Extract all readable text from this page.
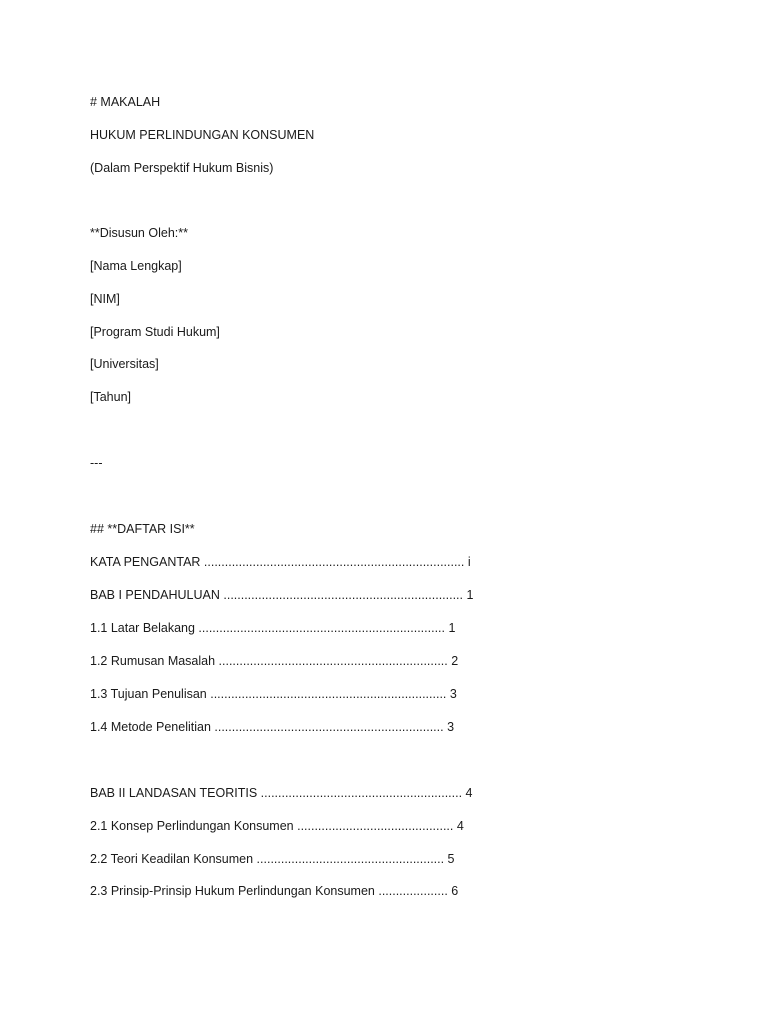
# MAKALAH
HUKUM PERLINDUNGAN KONSUMEN
(Dalam Perspektif Hukum Bisnis)
**Disusun Oleh:**
[Nama Lengkap]
[NIM]
[Program Studi Hukum]
[Universitas]
[Tahun]
---
## **DAFTAR ISI**
KATA PENGANTAR ........................................................................... i
BAB I PENDAHULUAN ..................................................................... 1
1.1 Latar Belakang ....................................................................... 1
1.2 Rumusan Masalah .................................................................. 2
1.3 Tujuan Penulisan .................................................................... 3
1.4 Metode Penelitian .................................................................. 3
BAB II LANDASAN TEORITIS .......................................................... 4
2.1 Konsep Perlindungan Konsumen ............................................. 4
2.2 Teori Keadilan Konsumen ...................................................... 5
2.3 Prinsip-Prinsip Hukum Perlindungan Konsumen .................... 6
